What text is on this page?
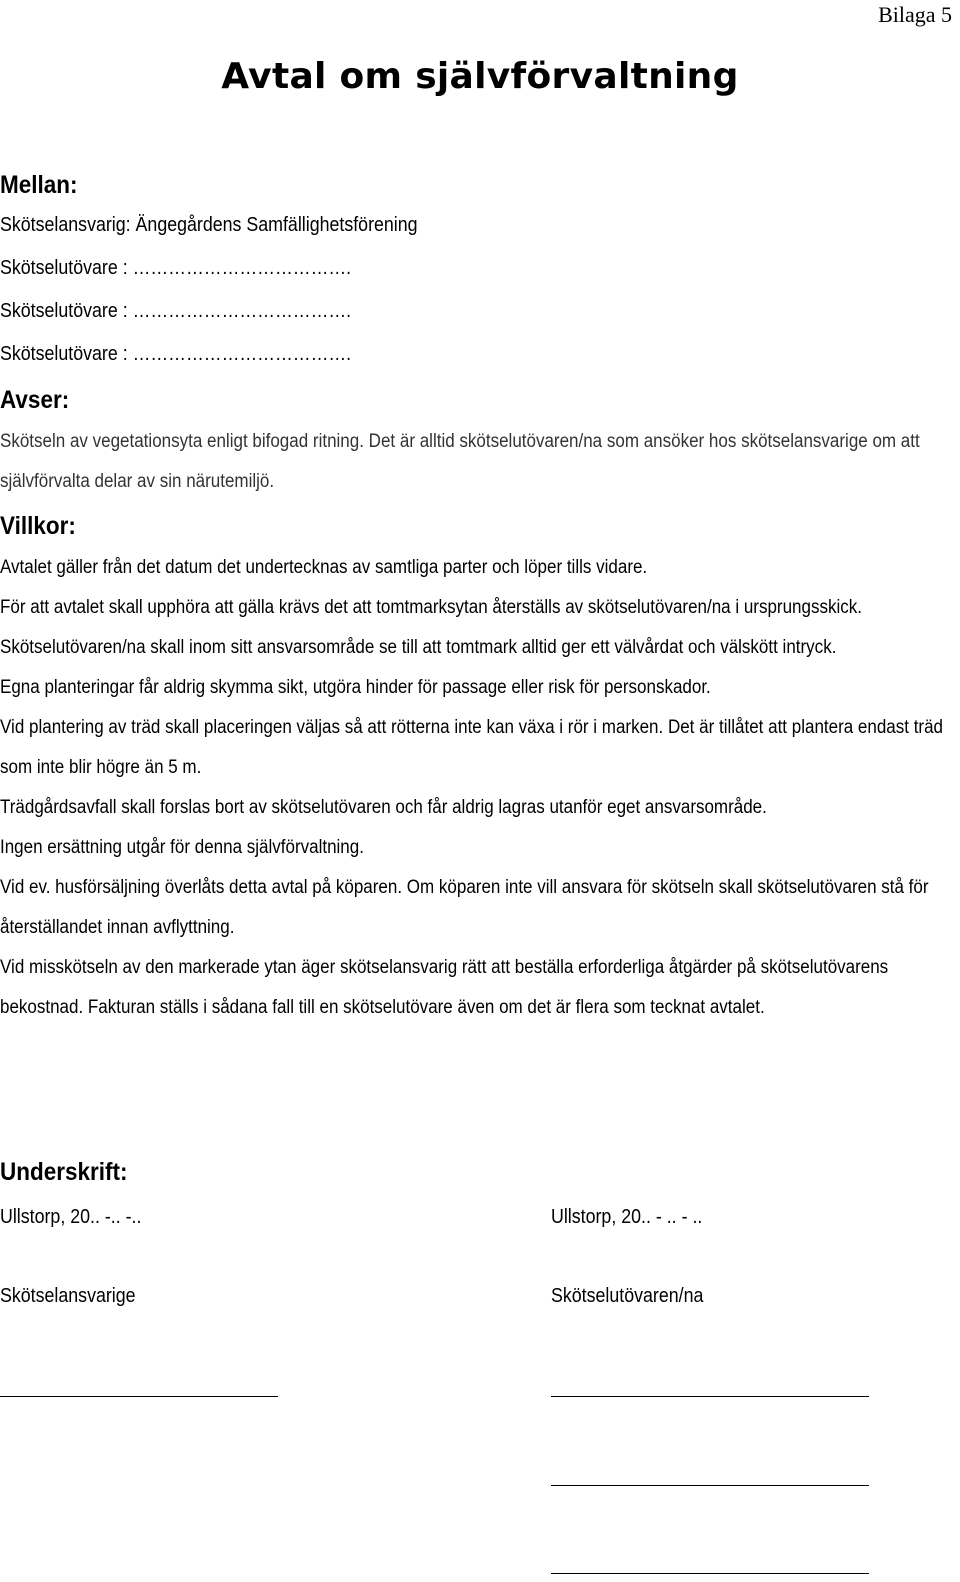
Bilaga 5
Avtal om självförvaltning
Mellan:
Skötselansvarig: Ängegårdens Samfällighetsförening
Skötselutövare : ……………………………….
Skötselutövare : ……………………………….
Skötselutövare : ……………………………….
Avser:

Skötseln av vegetationsyta enligt bifogad ritning. Det är alltid skötselutövaren/na som ansöker hos skötselansvarige om att självförvalta delar av sin närutemiljö.

Villkor:

Avtalet gäller från det datum det undertecknas av samtliga parter och löper tills vidare.

För att avtalet skall upphöra att gälla krävs det att tomtmarksytan återställs av skötselutövaren/na i ursprungsskick.

Skötselutövaren/na skall inom sitt ansvarsområde se till att tomtmark alltid ger ett välvårdat och välskött intryck.

Egna planteringar får aldrig skymma sikt, utgöra hinder för passage eller risk för personskador.

Vid plantering av träd skall placeringen väljas så att rötterna inte kan växa i rör i marken. Det är tillåtet att plantera endast träd som inte blir högre än 5 m.

Trädgårdsavfall skall forslas bort av skötselutövaren och får aldrig lagras utanför eget ansvarsområde.

Ingen ersättning utgår för denna självförvaltning.

Vid ev. husförsäljning överlåts detta avtal på köparen. Om köparen inte vill ansvara för skötseln skall skötselutövaren stå för återställandet innan avflyttning.

Vid misskötseln av den markerade ytan äger skötselansvarig rätt att beställa erforderliga åtgärder på skötselutövarens bekostnad. Fakturan ställs i sådana fall till en skötselutövare även om det är flera som tecknat avtalet.

Underskrift:
Ullstorp, 20.. -.. -..
Skötselansvarige
Ullstorp, 20.. - .. - ..
Skötselutövaren/na
